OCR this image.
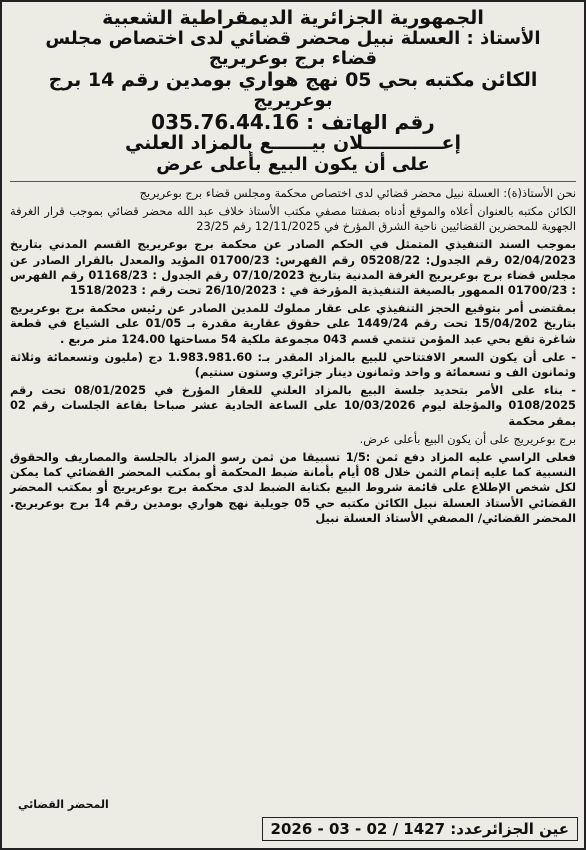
الجمهورية الجزائرية الديمقراطية الشعبية
الأستاذ : العسلة نبيل محضر قضائي لدى اختصاص مجلس
قضاء برج بوعريريج
الكائن مكتبه بحي 05 نهج هواري بومدين رقم 14 برج
بوعريريج
رقم الهاتف : 035.76.44.16
إعــــــــــــلان بيــــــع بالمزاد العلني
على أن يكون البيع بأعلى عرض

نحن الأستاذ(ة): العسلة نبيل محضر قضائي لدى اختصاص محكمة ومجلس قضاء برج بوعريريج

الكائن مكتبه بالعنوان أعلاه والموقع أدناه بصفتنا مصفي مكتب الأستاذ خلاف عبد الله محضر قضائي بموجب قرار الغرفة الجهوية للمحضرين القضائيين ناحية الشرق المؤرخ في 12/11/2025 رقم 23/25

بموجب السند التنفيذي المتمثل في الحكم الصادر عن محكمة برج بوعريريج القسم المدني بتاريخ 02/04/2023 رقم الجدول: 05208/22 رقم الفهرس: 01700/23 المؤيد والمعدل بالقرار الصادر عن مجلس قضاء برج بوعريريج الغرفة المدنية بتاريخ 07/10/2023 رقم الجدول : 01168/23 رقم الفهرس : 01700/23 الممهور بالصيغة التنفيذية المؤرخة في : 26/10/2023 تحت رقم : 1518/2023

بمقتضى أمر بتوقيع الحجز التنفيذي على عقار مملوك للمدين الصادر عن رئيس محكمة برج بوعريريج بتاريخ 15/04/202 تحت رقم 1449/24 على حقوق عقارية مقدرة بـ 01/05 على الشياع في قطعة شاغرة تقع بحي عبد المؤمن تنتمي قسم 043 مجموعة ملكية 54 مساحتها 124.00 متر مربع .

- على أن يكون السعر الافتتاحي للبيع بالمزاد المقدر بـ: 1.983.981.60 دج (مليون وتسعمائة وثلاثة وثمانون الف و تسعمائة و واحد وثمانون دينار جزائري وستون سنتيم)

- بناء على الأمر بتحديد جلسة البيع بالمزاد العلني للعقار المؤرخ في 08/01/2025 تحت رقم 0108/2025 والمؤجلة ليوم 10/03/2026 على الساعة الحادية عشر صباحا بقاعة الجلسات رقم 02 بمقر محكمة

برج بوعريريج على أن يكون البيع بأعلى عرض.

فعلى الراسي عليه المزاد دفع ثمن :1/5 تسبيقا من ثمن رسو المزاد بالجلسة والمصاريف والحقوق النسبية كما عليه إتمام الثمن خلال 08 أيام بأمانة ضبط المحكمة أو بمكتب المحضر القضائي كما يمكن لكل شخص الإطلاع على قائمة شروط البيع بكتابة الضبط لدى محكمة برج بوعريريج أو بمكتب المحضر القضائي الأستاذ العسلة نبيل الكائن مكتبه حي 05 جويلية نهج هواري بومدين رقم 14 برج بوعريريج. المحضر القضائي/ المصفي الأستاذ العسلة نبيل

المحضر القضائي
عين الجزائرعدد: 1427 / 02 - 03 - 2026
